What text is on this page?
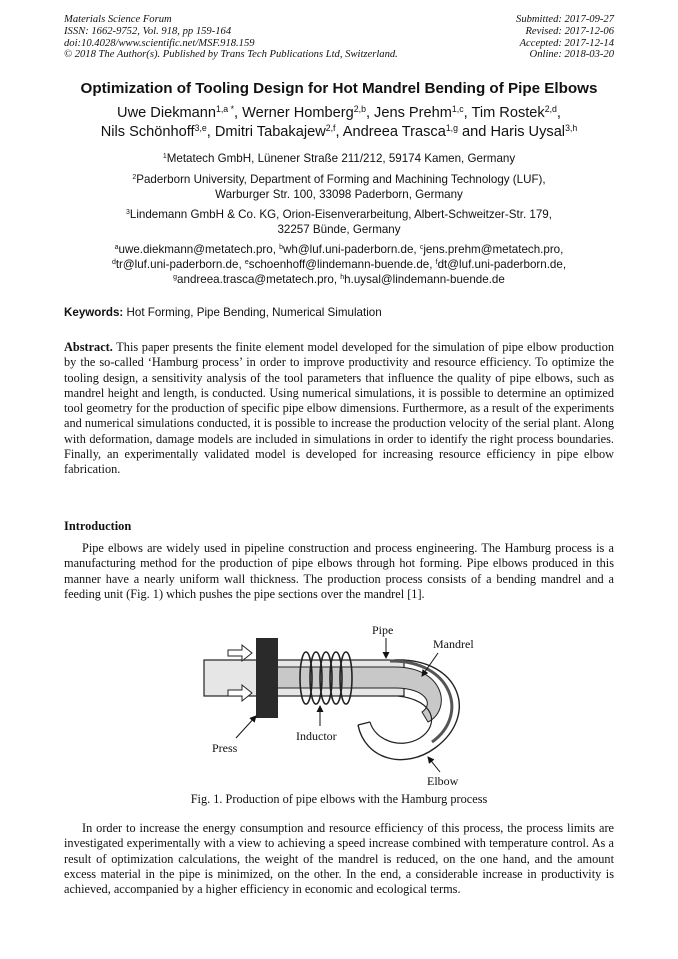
Materials Science Forum
ISSN: 1662-9752, Vol. 918, pp 159-164
doi:10.4028/www.scientific.net/MSF.918.159
© 2018 The Author(s). Published by Trans Tech Publications Ltd, Switzerland.
Submitted: 2017-09-27
Revised: 2017-12-06
Accepted: 2017-12-14
Online: 2018-03-20
Optimization of Tooling Design for Hot Mandrel Bending of Pipe Elbows
Uwe Diekmann$^{1,a *}$, Werner Homberg$^{2,b}$, Jens Prehm$^{1,c}$, Tim Rostek$^{2,d}$,
Nils Schönhoff$^{3,e}$, Dmitri Tabakajew$^{2,f}$, Andreea Trasca$^{1,g}$ and Haris Uysal$^{3,h}$
$^1$Metatech GmbH, Lünener Straße 211/212, 59174 Kamen, Germany
$^2$Paderborn University, Department of Forming and Machining Technology (LUF),
Warburger Str. 100, 33098 Paderborn, Germany
$^3$Lindemann GmbH & Co. KG, Orion-Eisenverarbeitung, Albert-Schweitzer-Str. 179,
32257 Bünde, Germany
$^a$uwe.diekmann@metatech.pro, $^b$wh@luf.uni-paderborn.de, $^c$jens.prehm@metatech.pro,
$^d$tr@luf.uni-paderborn.de, $^e$schoenhoff@lindemann-buende.de, $^f$dt@luf.uni-paderborn.de,
$^g$andreea.trasca@metatech.pro, $^h$h.uysal@lindemann-buende.de
Keywords: Hot Forming, Pipe Bending, Numerical Simulation
Abstract. This paper presents the finite element model developed for the simulation of pipe elbow production by the so-called ‘Hamburg process’ in order to improve productivity and resource efficiency. To optimize the tooling design, a sensitivity analysis of the tool parameters that influence the quality of pipe elbows, such as mandrel height and length, is conducted. Using numerical simulations, it is possible to determine an optimized tool geometry for the production of specific pipe elbow dimensions. Furthermore, as a result of the experiments and numerical simulations conducted, it is possible to increase the production velocity of the serial plant. Along with deformation, damage models are included in simulations in order to identify the right process boundaries. Finally, an experimentally validated model is developed for increasing resource efficiency in pipe elbow fabrication.
Introduction
Pipe elbows are widely used in pipeline construction and process engineering. The Hamburg process is a manufacturing method for the production of pipe elbows through hot forming. Pipe elbows produced in this manner have a nearly uniform wall thickness. The production process consists of a bending mandrel and a feeding unit (Fig. 1) which pushes the pipe sections over the mandrel [1].
Pipe
Mandrel
Inductor
Press
Elbow
Fig. 1. Production of pipe elbows with the Hamburg process
In order to increase the energy consumption and resource efficiency of this process, the process limits are investigated experimentally with a view to achieving a speed increase combined with temperature control. As a result of optimization calculations, the weight of the mandrel is reduced, on the one hand, and the amount excess material in the pipe is minimized, on the other. In the end, a considerable increase in productivity is achieved, accompanied by a higher efficiency in economic and ecological terms.
